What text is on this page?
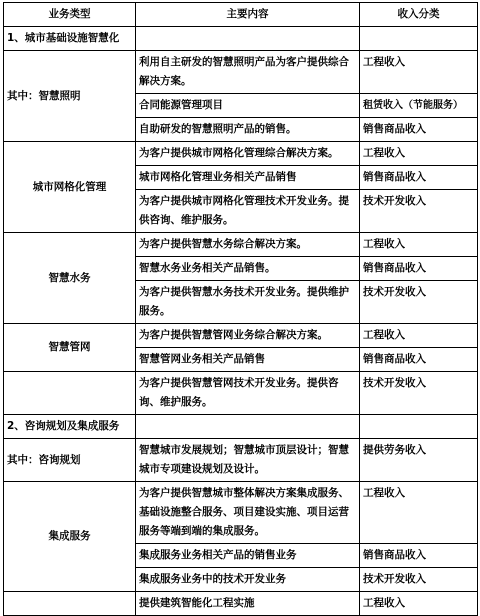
业务类型	主要内容	收入分类
1、城市基础设施智慧化		
其中：智慧照明	利用自主研发的智慧照明产品为客户提供综合解决方案。	工程收入
	合同能源管理项目	租赁收入（节能服务）
	自助研发的智慧照明产品的销售。	销售商品收入
城市网格化管理	为客户提供城市网格化管理综合解决方案。	工程收入
	城市网格化管理业务相关产品销售	销售商品收入
	为客户提供城市网格化管理技术开发业务。提供咨询、维护服务。	技术开发收入
智慧水务	为客户提供智慧水务综合解决方案。	工程收入
	智慧水务业务相关产品销售。	销售商品收入
	为客户提供智慧水务技术开发业务。提供维护服务。	技术开发收入
智慧管网	为客户提供智慧管网业务综合解决方案。	工程收入
	智慧管网业务相关产品销售	销售商品收入
	为客户提供智慧管网技术开发业务。提供咨询、维护服务。	技术开发收入
2、咨询规划及集成服务		
其中：咨询规划	智慧城市发展规划；智慧城市顶层设计；智慧城市专项建设规划及设计。	提供劳务收入
集成服务	为客户提供智慧城市整体解决方案集成服务、基础设施整合服务、项目建设实施、项目运营服务等端到端的集成服务。	工程收入
	集成服务业务相关产品的销售业务	销售商品收入
	集成服务业务中的技术开发业务	技术开发收入
	提供建筑智能化工程实施	工程收入
